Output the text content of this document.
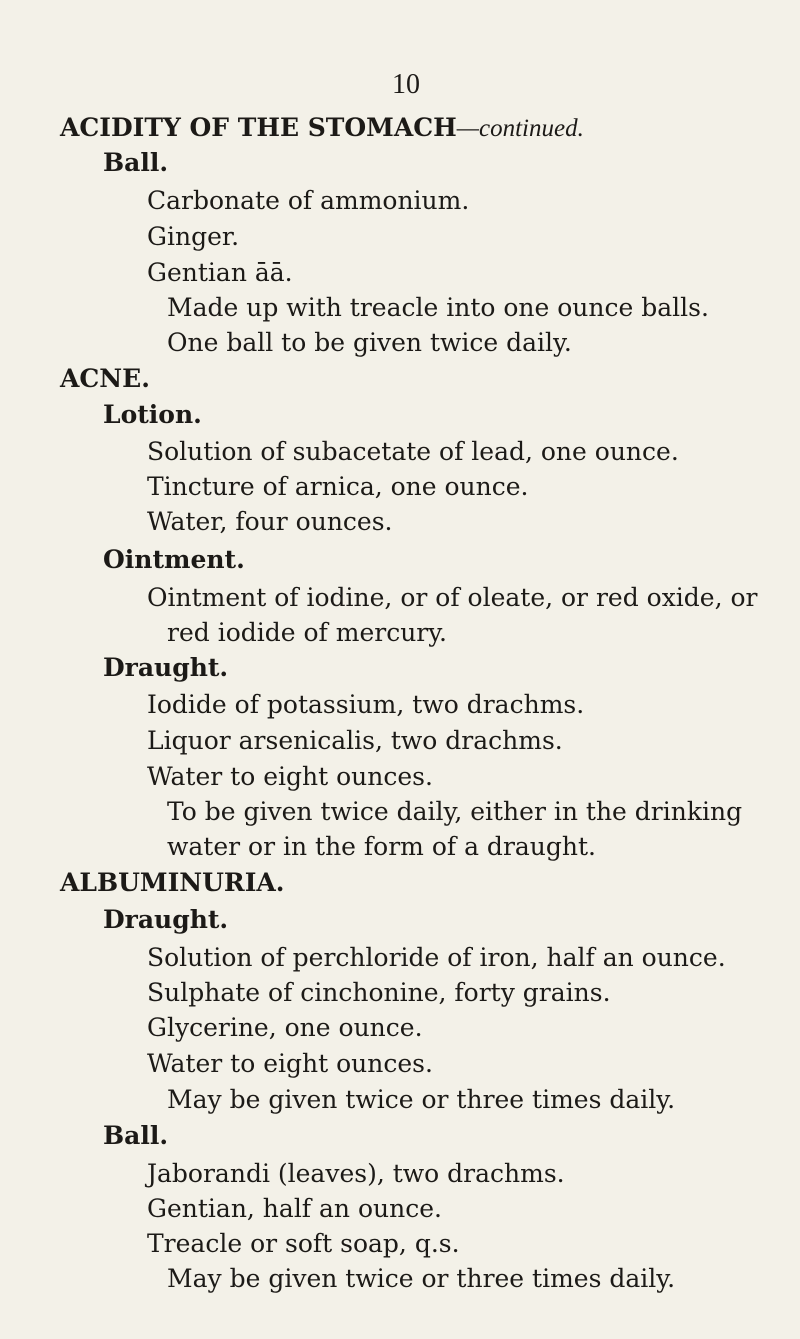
10
ACIDITY OF THE STOMACH—continued.
Ball.
Carbonate of ammonium.
Ginger.
Gentian āā.
Made up with treacle into one ounce balls.
One ball to be given twice daily.
ACNE.
Lotion.
Solution of subacetate of lead, one ounce.
Tincture of arnica, one ounce.
Water, four ounces.
Ointment.
Ointment of iodine, or of oleate, or red oxide, or
red iodide of mercury.
Draught.
Iodide of potassium, two drachms.
Liquor arsenicalis, two drachms.
Water to eight ounces.
To be given twice daily, either in the drinking
water or in the form of a draught.
ALBUMINURIA.
Draught.
Solution of perchloride of iron, half an ounce.
Sulphate of cinchonine, forty grains.
Glycerine, one ounce.
Water to eight ounces.
May be given twice or three times daily.
Ball.
Jaborandi (leaves), two drachms.
Gentian, half an ounce.
Treacle or soft soap, q.s.
May be given twice or three times daily.
